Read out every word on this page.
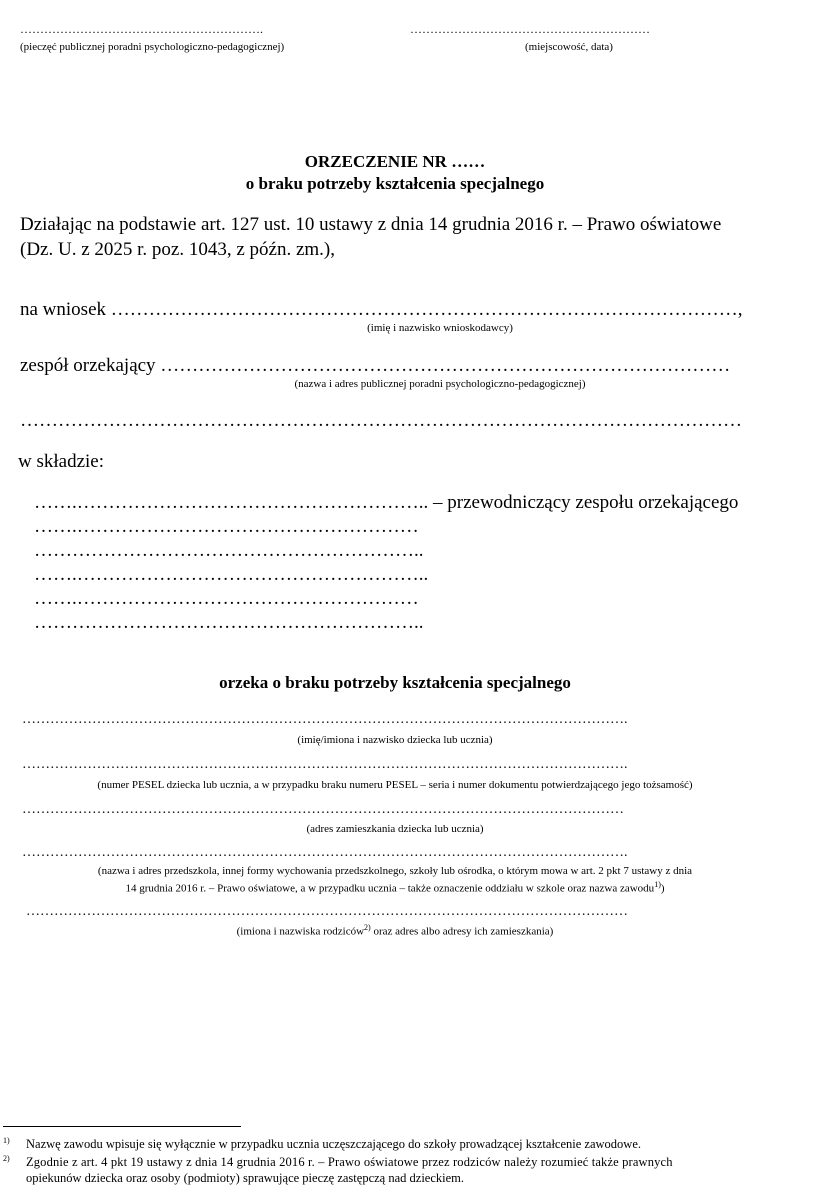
…………………………………………………….
(pieczęć publicznej poradni psychologiczno-pedagogicznej)
……………………………………………………
(miejscowość, data)
ORZECZENIE NR ……
o braku potrzeby kształcenia specjalnego
Działając na podstawie art. 127 ust. 10 ustawy z dnia 14 grudnia 2016 r. – Prawo oświatowe
(Dz. U. z 2025 r. poz. 1043, z późn. zm.),
na wniosek ………………………………………………………………………………………,
(imię i nazwisko wnioskodawcy)
zespół orzekający ………………………………………………………………………………
(nazwa i adres publicznej poradni psychologiczno-pedagogicznej)
……………………………………………………………………………………………………
w składzie:
…….……………………………………………….. – przewodniczący zespołu orzekającego
…….………………………………………………
……………………………………………………..
…….………………………………………………..
…….………………………………………………
……………………………………………………..
orzeka o braku potrzeby kształcenia specjalnego
………………………………………………………………………………………………………………….
(imię/imiona i nazwisko dziecka lub ucznia)
………………………………………………………………………………………………………………….
(numer PESEL dziecka lub ucznia, a w przypadku braku numeru PESEL – seria i numer dokumentu potwierdzającego jego tożsamość)
…………………………………………………………………………………………………………………
(adres zamieszkania dziecka lub ucznia)
………………………………………………………………………………………………………………….
(nazwa i adres przedszkola, innej formy wychowania przedszkolnego, szkoły lub ośrodka, o którym mowa w art. 2 pkt 7 ustawy z dnia
14 grudnia 2016 r. – Prawo oświatowe, a w przypadku ucznia – także oznaczenie oddziału w szkole oraz nazwa zawodu$^{1)}$)
…………………………………………………………………………………………………………………
(imiona i nazwiska rodziców$^{2)}$ oraz adres albo adresy ich zamieszkania)
1) Nazwę zawodu wpisuje się wyłącznie w przypadku ucznia uczęszczającego do szkoły prowadzącej kształcenie zawodowe.
2) Zgodnie z art. 4 pkt 19 ustawy z dnia 14 grudnia 2016 r. – Prawo oświatowe przez rodziców należy rozumieć także prawnych
opiekunów dziecka oraz osoby (podmioty) sprawujące pieczę zastępczą nad dzieckiem.
